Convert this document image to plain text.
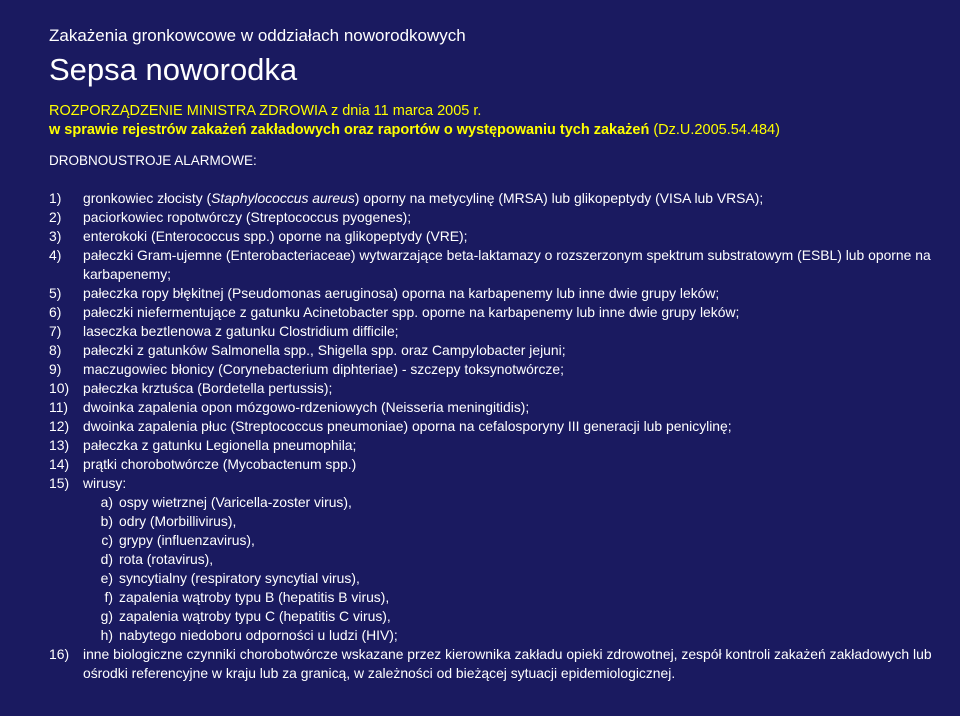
Zakażenia gronkowcowe w oddziałach noworodkowych
Sepsa noworodka
ROZPORZĄDZENIE MINISTRA ZDROWIA z dnia 11 marca 2005 r.
w sprawie rejestrów zakażeń zakładowych oraz raportów o występowaniu tych zakażeń (Dz.U.2005.54.484)
DROBNOUSTROJE ALARMOWE:
1)	gronkowiec złocisty (Staphylococcus aureus) oporny na metycylinę (MRSA) lub glikopeptydy (VISA lub VRSA);
2)	paciorkowiec ropotwórczy (Streptococcus pyogenes);
3)	enterokoki (Enterococcus spp.) oporne na glikopeptydy (VRE);
4)	pałeczki Gram-ujemne (Enterobacteriaceae) wytwarzające beta-laktamazy o rozszerzonym spektrum substratowym (ESBL) lub oporne na karbapenemy;
5)	pałeczka ropy błękitnej (Pseudomonas aeruginosa) oporna na karbapenemy lub inne dwie grupy leków;
6)	pałeczki niefermentujące z gatunku Acinetobacter spp. oporne na karbapenemy lub inne dwie grupy leków;
7)	laseczka beztlenowa z gatunku Clostridium difficile;
8)	pałeczki z gatunków Salmonella spp., Shigella spp. oraz Campylobacter jejuni;
9)	maczugowiec błonicy (Corynebacterium diphteriae) - szczepy toksynotwórcze;
10)	pałeczka krztuśca (Bordetella pertussis);
11)	dwoinka zapalenia opon mózgowo-rdzeniowych (Neisseria meningitidis);
12)	dwoinka zapalenia płuc (Streptococcus pneumoniae) oporna na cefalosporyny III generacji lub penicylinę;
13)	pałeczka z gatunku Legionella pneumophila;
14)	prątki chorobotwórcze (Mycobactenum spp.)
15)	wirusy:
a) ospy wietrznej (Varicella-zoster virus),
b) odry (Morbillivirus),
c) grypy (influenzavirus),
d) rota (rotavirus),
e) syncytialny (respiratory syncytial virus),
f) zapalenia wątroby typu B (hepatitis B virus),
g) zapalenia wątroby typu C (hepatitis C virus),
h) nabytego niedoboru odporności u ludzi (HIV);
16)	inne biologiczne czynniki chorobotwórcze wskazane przez kierownika zakładu opieki zdrowotnej, zespół kontroli zakażeń zakładowych lub ośrodki referencyjne w kraju lub za granicą, w zależności od bieżącej sytuacji epidemiologicznej.
